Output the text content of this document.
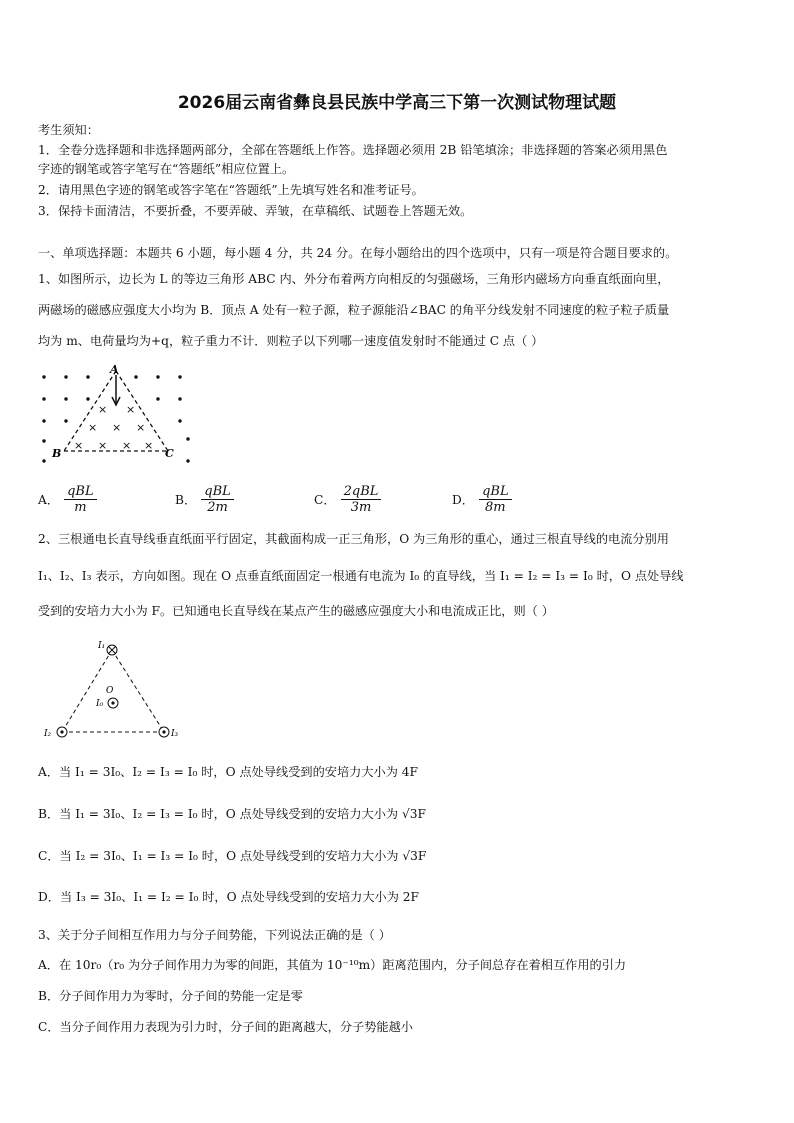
2026届云南省彝良县民族中学高三下第一次测试物理试题
考生须知：
1．全卷分选择题和非选择题两部分，全部在答题纸上作答。选择题必须用 2B 铅笔填涂；非选择题的答案必须用黑色
字迹的钢笔或答字笔写在“答题纸”相应位置上。
2．请用黑色字迹的钢笔或答字笔在“答题纸”上先填写姓名和准考证号。
3．保持卡面清洁，不要折叠，不要弄破、弄皱，在草稿纸、试题卷上答题无效。
一、单项选择题：本题共 6 小题，每小题 4 分，共 24 分。在每小题给出的四个选项中，只有一项是符合题目要求的。
1、如图所示，边长为 L 的等边三角形 ABC 内、外分布着两方向相反的匀强磁场，三角形内磁场方向垂直纸面向里，
两磁场的磁感应强度大小均为 B．顶点 A 处有一粒子源，粒子源能沿∠BAC 的角平分线发射不同速度的粒子粒子质量
均为 m、电荷量均为+q，粒子重力不计．则粒子以下列哪一速度值发射时不能通过 C 点（ ）
× ×
× × ×
× × × ×
A
B	C
A． $\frac{\text{qBL}}{m}$	B． $\frac{\text{qBL}}{2m}$	C． $\frac{\text{2qBL}}{3m}$	D． $\frac{\text{qBL}}{8m}$
2、三根通电长直导线垂直纸面平行固定，其截面构成一正三角形，O 为三角形的重心，通过三根直导线的电流分别用
I₁、I₂、I₃ 表示，方向如图。现在 O 点垂直纸面固定一根通有电流为 I₀ 的直导线，当 I₁ = I₂ = I₃ = I₀ 时，O 点处导线
受到的安培力大小为 F。已知通电长直导线在某点产生的磁感应强度大小和电流成正比，则（ ）
I₁
O
I₀
I₂	I₃
A．当 I₁ = 3I₀、I₂ = I₃ = I₀ 时，O 点处导线受到的安培力大小为 4F
B．当 I₁ = 3I₀、I₂ = I₃ = I₀ 时，O 点处导线受到的安培力大小为 √3F
C．当 I₂ = 3I₀、I₁ = I₃ = I₀ 时，O 点处导线受到的安培力大小为 √3F
D．当 I₃ = 3I₀、I₁ = I₂ = I₀ 时，O 点处导线受到的安培力大小为 2F
3、关于分子间相互作用力与分子间势能，下列说法正确的是（ ）
A．在 10r₀（r₀ 为分子间作用力为零的间距，其值为 10⁻¹⁰m）距离范围内，分子间总存在着相互作用的引力
B．分子间作用力为零时，分子间的势能一定是零
C．当分子间作用力表现为引力时，分子间的距离越大，分子势能越小
